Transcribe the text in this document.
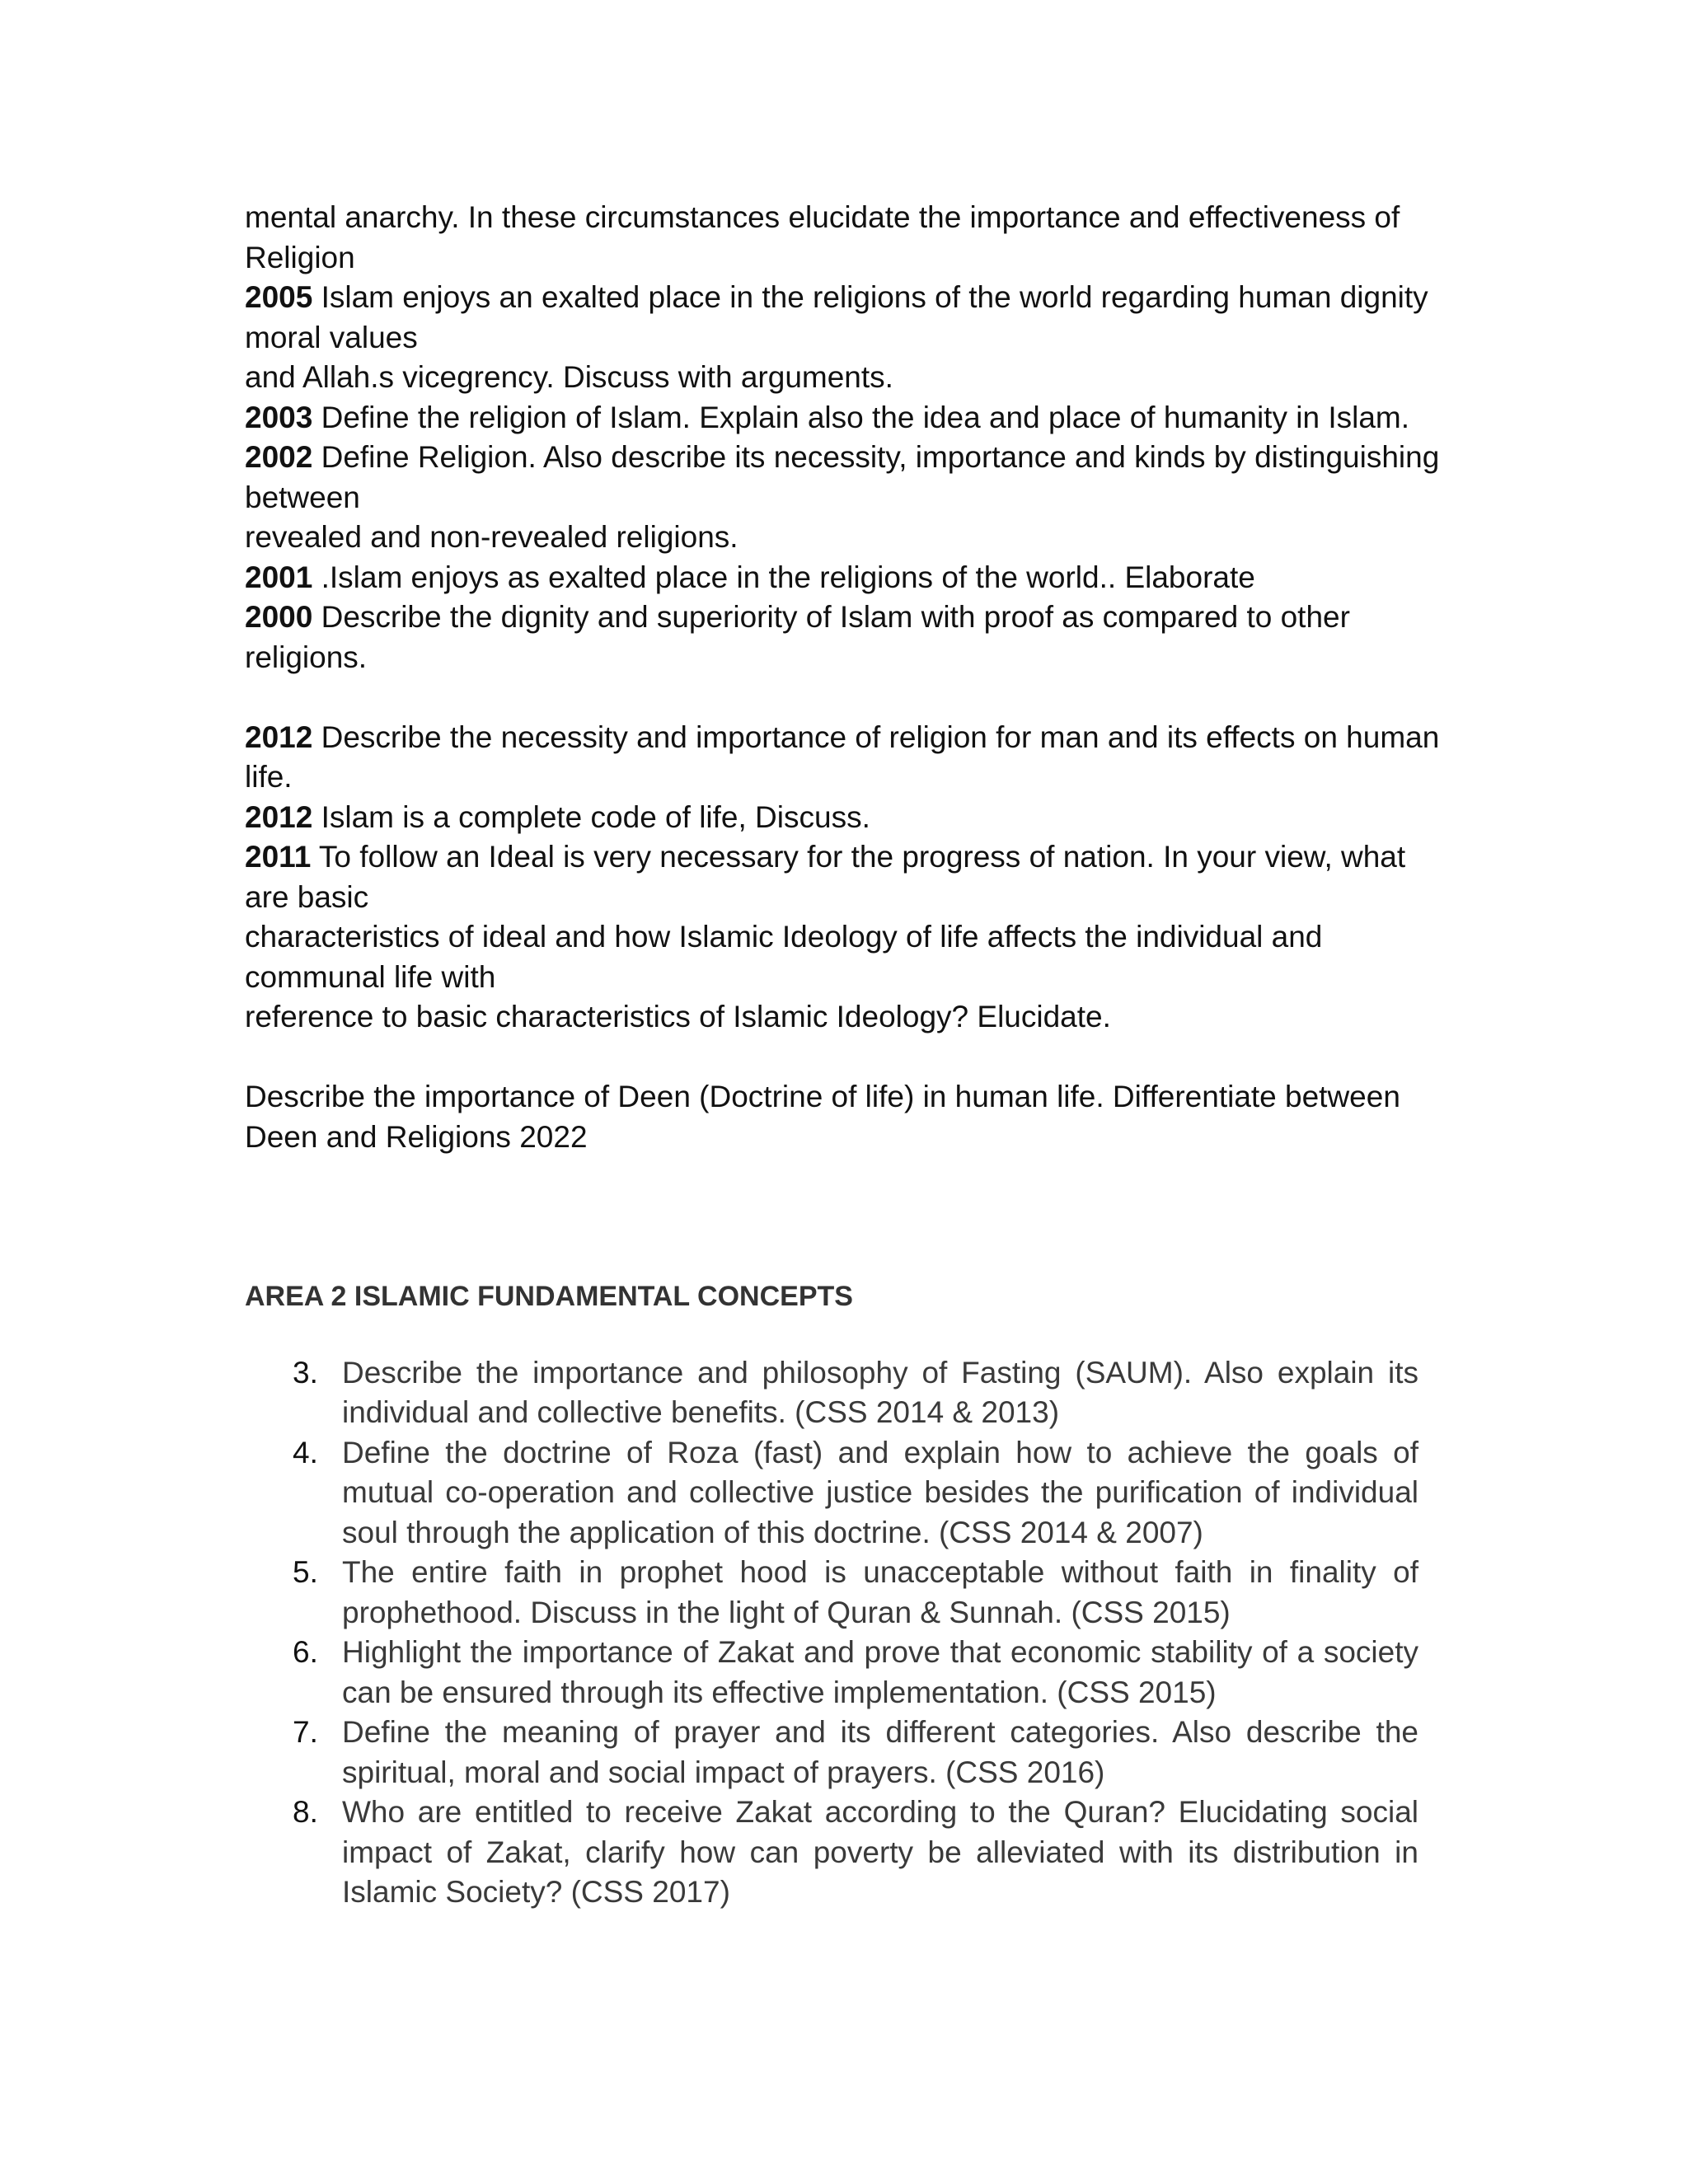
mental anarchy. In these circumstances elucidate the importance and effectiveness of

Religion

2005 Islam enjoys an exalted place in the religions of the world regarding human dignity

moral values

and Allah.s vicegrency. Discuss with arguments.

2003 Define the religion of Islam. Explain also the idea and place of humanity in Islam.

2002 Define Religion. Also describe its necessity, importance and kinds by distinguishing

between

revealed and non-revealed religions.

2001 .Islam enjoys as exalted place in the religions of the world.. Elaborate

2000 Describe the dignity and superiority of Islam with proof as compared to other

religions.

2012 Describe the necessity and importance of religion for man and its effects on human

life.

2012 Islam is a complete code of life, Discuss.

2011 To follow an Ideal is very necessary for the progress of nation. In your view, what

are basic

characteristics of ideal and how Islamic Ideology of life affects the individual and

communal life with

reference to basic characteristics of Islamic Ideology? Elucidate.

Describe the importance of Deen (Doctrine of life) in human life. Differentiate between

Deen and Religions 2022

AREA 2 ISLAMIC FUNDAMENTAL CONCEPTS
3. Describe the importance and philosophy of Fasting (SAUM). Also explain its individual and collective benefits. (CSS 2014 & 2013)
4. Define the doctrine of Roza (fast) and explain how to achieve the goals of mutual co-operation and collective justice besides the purification of individual soul through the application of this doctrine. (CSS 2014 & 2007)
5. The entire faith in prophet hood is unacceptable without faith in finality of prophethood. Discuss in the light of Quran & Sunnah. (CSS 2015)
6. Highlight the importance of Zakat and prove that economic stability of a society can be ensured through its effective implementation. (CSS 2015)
7. Define the meaning of prayer and its different categories. Also describe the spiritual, moral and social impact of prayers. (CSS 2016)
8. Who are entitled to receive Zakat according to the Quran? Elucidating social impact of Zakat, clarify how can poverty be alleviated with its distribution in Islamic Society? (CSS 2017)
